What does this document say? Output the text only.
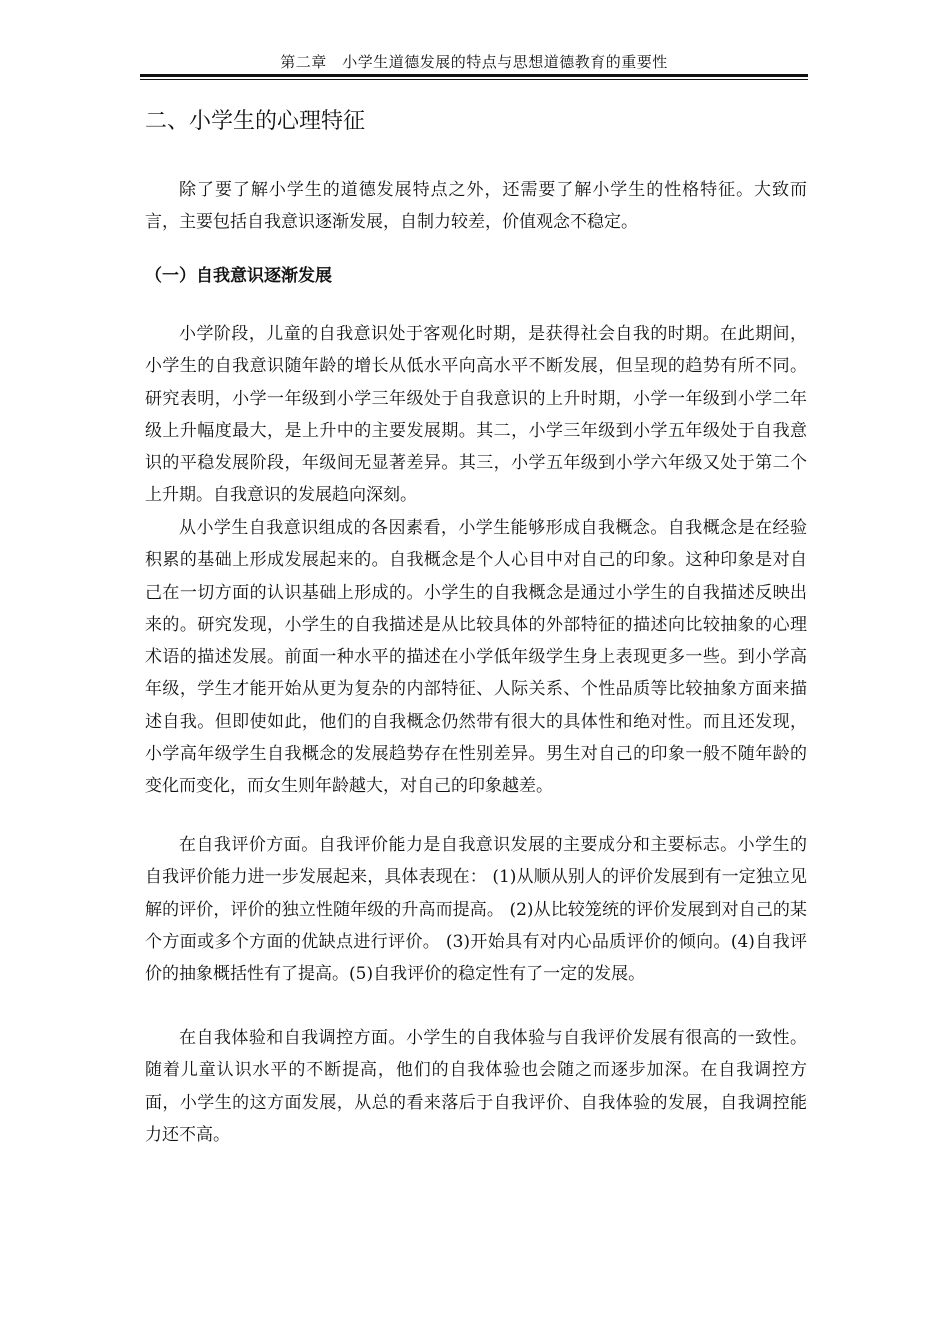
第二章　小学生道德发展的特点与思想道德教育的重要性
二、小学生的心理特征

除了要了解小学生的道德发展特点之外，还需要了解小学生的性格特征。大致而言，主要包括自我意识逐渐发展，自制力较差，价值观念不稳定。

（一）自我意识逐渐发展

小学阶段，儿童的自我意识处于客观化时期，是获得社会自我的时期。在此期间，小学生的自我意识随年龄的增长从低水平向高水平不断发展，但呈现的趋势有所不同。研究表明，小学一年级到小学三年级处于自我意识的上升时期，小学一年级到小学二年级上升幅度最大，是上升中的主要发展期。其二，小学三年级到小学五年级处于自我意识的平稳发展阶段，年级间无显著差异。其三，小学五年级到小学六年级又处于第二个上升期。自我意识的发展趋向深刻。

从小学生自我意识组成的各因素看，小学生能够形成自我概念。自我概念是在经验积累的基础上形成发展起来的。自我概念是个人心目中对自己的印象。这种印象是对自己在一切方面的认识基础上形成的。小学生的自我概念是通过小学生的自我描述反映出来的。研究发现，小学生的自我描述是从比较具体的外部特征的描述向比较抽象的心理术语的描述发展。前面一种水平的描述在小学低年级学生身上表现更多一些。到小学高年级，学生才能开始从更为复杂的内部特征、人际关系、个性品质等比较抽象方面来描述自我。但即使如此，他们的自我概念仍然带有很大的具体性和绝对性。而且还发现，小学高年级学生自我概念的发展趋势存在性别差异。男生对自己的印象一般不随年龄的变化而变化，而女生则年龄越大，对自己的印象越差。

在自我评价方面。自我评价能力是自我意识发展的主要成分和主要标志。小学生的自我评价能力进一步发展起来，具体表现在： (1)从顺从别人的评价发展到有一定独立见解的评价，评价的独立性随年级的升高而提高。 (2)从比较笼统的评价发展到对自己的某个方面或多个方面的优缺点进行评价。 (3)开始具有对内心品质评价的倾向。(4)自我评价的抽象概括性有了提高。(5)自我评价的稳定性有了一定的发展。

在自我体验和自我调控方面。小学生的自我体验与自我评价发展有很高的一致性。随着儿童认识水平的不断提高，他们的自我体验也会随之而逐步加深。在自我调控方面，小学生的这方面发展，从总的看来落后于自我评价、自我体验的发展，自我调控能力还不高。
